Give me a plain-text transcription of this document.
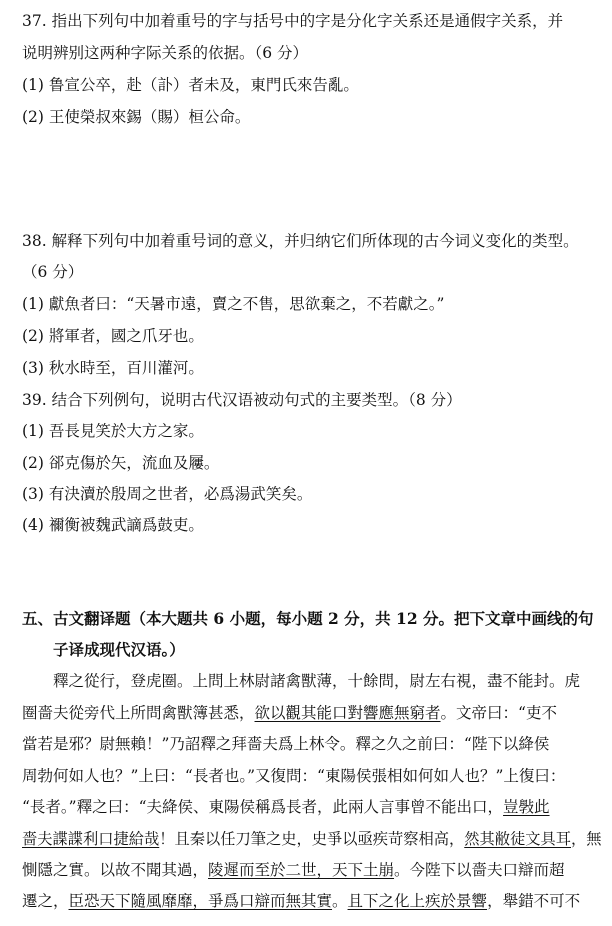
37. 指出下列句中加着重号的字与括号中的字是分化字关系还是通假字关系，并
说明辨别这两种字际关系的依据。（6 分）
(1) 鲁宣公卒，赴（訃）者未及，東門氏來告亂。
(2) 王使榮叔來錫（賜）桓公命。
38. 解释下列句中加着重号词的意义，并归纳它们所体现的古今词义变化的类型。
（6 分）
(1) 獻魚者曰：“天暑市遠，賣之不售，思欲棄之，不若獻之。”
(2) 將軍者，國之爪牙也。
(3) 秋水時至，百川灌河。
39. 结合下列例句，说明古代汉语被动句式的主要类型。（8 分）
(1) 吾長見笑於大方之家。
(2) 郤克傷於矢，流血及屨。
(3) 有決瀆於殷周之世者，必爲湯武笑矣。
(4) 禰衡被魏武謫爲鼓吏。
五、古文翻译题（本大题共 6 小题，每小题 2 分，共 12 分。把下文章中画线的句
子译成现代汉语。）
釋之從行，登虎圈。上問上林尉諸禽獸薄，十餘問，尉左右視，盡不能封。虎
圈嗇夫從旁代上所問禽獸簿甚悉，欲以觀其能口對響應無窮者。文帝曰：“吏不
當若是邪？尉無賴！”乃詔釋之拜嗇夫爲上林令。釋之久之前曰：“陛下以絳侯
周勃何如人也？”上曰：“長者也。”又復問：“東陽侯張相如何如人也？”上復曰：
“長者。”釋之曰：“夫絳侯、東陽侯稱爲長者，此兩人言事曾不能出口，豈斅此
嗇夫諜諜利口捷給哉！且秦以任刀筆之史，史爭以亟疾苛察相高，然其敝徒文具耳，無
惻隱之實。以故不聞其過，陵遲而至於二世，天下土崩。今陛下以嗇夫口辯而超
遷之，臣恐天下隨風靡靡，爭爲口辯而無其實。且下之化上疾於景響，舉錯不可不
